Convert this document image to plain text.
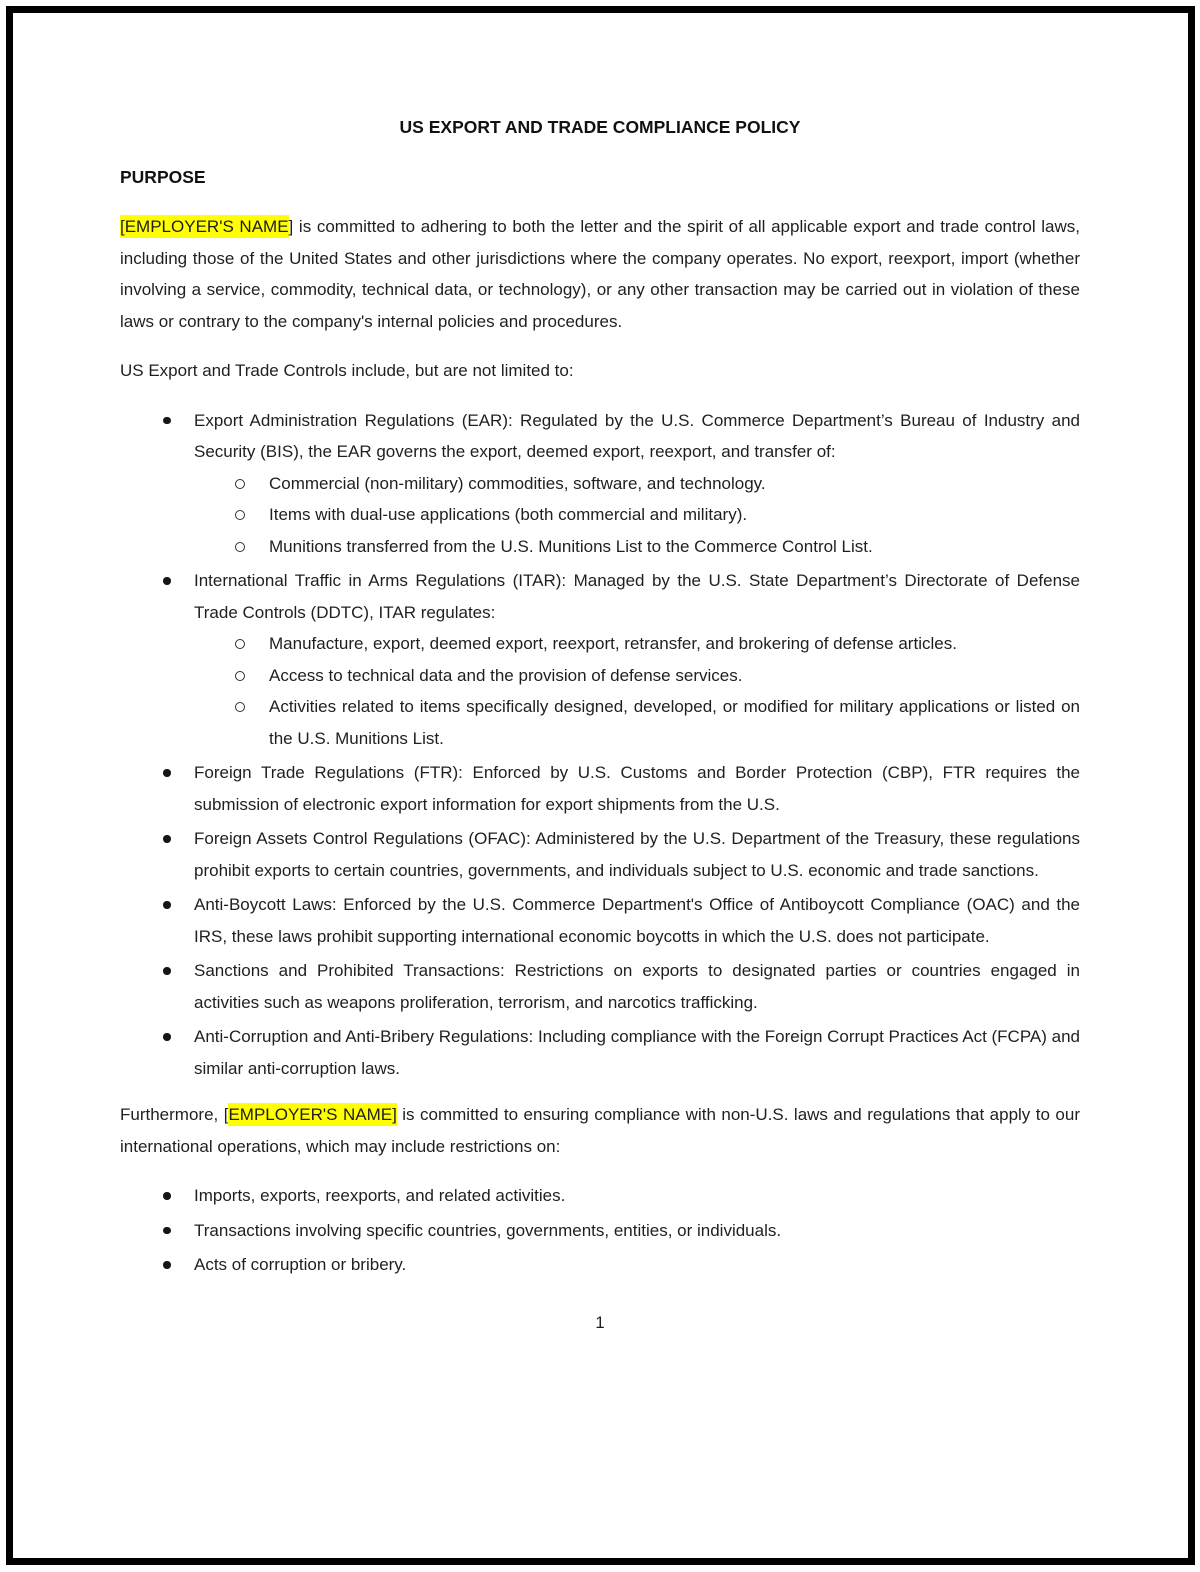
US EXPORT AND TRADE COMPLIANCE POLICY
PURPOSE

[EMPLOYER'S NAME] is committed to adhering to both the letter and the spirit of all applicable export and trade control laws, including those of the United States and other jurisdictions where the company operates. No export, reexport, import (whether involving a service, commodity, technical data, or technology), or any other transaction may be carried out in violation of these laws or contrary to the company's internal policies and procedures.

US Export and Trade Controls include, but are not limited to:

Export Administration Regulations (EAR): Regulated by the U.S. Commerce Department’s Bureau of Industry and Security (BIS), the EAR governs the export, deemed export, reexport, and transfer of:
Commercial (non-military) commodities, software, and technology.
Items with dual-use applications (both commercial and military).
Munitions transferred from the U.S. Munitions List to the Commerce Control List.
International Traffic in Arms Regulations (ITAR): Managed by the U.S. State Department’s Directorate of Defense Trade Controls (DDTC), ITAR regulates:
Manufacture, export, deemed export, reexport, retransfer, and brokering of defense articles.
Access to technical data and the provision of defense services.
Activities related to items specifically designed, developed, or modified for military applications or listed on the U.S. Munitions List.
Foreign Trade Regulations (FTR): Enforced by U.S. Customs and Border Protection (CBP), FTR requires the submission of electronic export information for export shipments from the U.S.
Foreign Assets Control Regulations (OFAC): Administered by the U.S. Department of the Treasury, these regulations prohibit exports to certain countries, governments, and individuals subject to U.S. economic and trade sanctions.
Anti-Boycott Laws: Enforced by the U.S. Commerce Department's Office of Antiboycott Compliance (OAC) and the IRS, these laws prohibit supporting international economic boycotts in which the U.S. does not participate.
Sanctions and Prohibited Transactions: Restrictions on exports to designated parties or countries engaged in activities such as weapons proliferation, terrorism, and narcotics trafficking.
Anti-Corruption and Anti-Bribery Regulations: Including compliance with the Foreign Corrupt Practices Act (FCPA) and similar anti-corruption laws.

Furthermore, [EMPLOYER'S NAME] is committed to ensuring compliance with non-U.S. laws and regulations that apply to our international operations, which may include restrictions on:

Imports, exports, reexports, and related activities.
Transactions involving specific countries, governments, entities, or individuals.
Acts of corruption or bribery.
1
